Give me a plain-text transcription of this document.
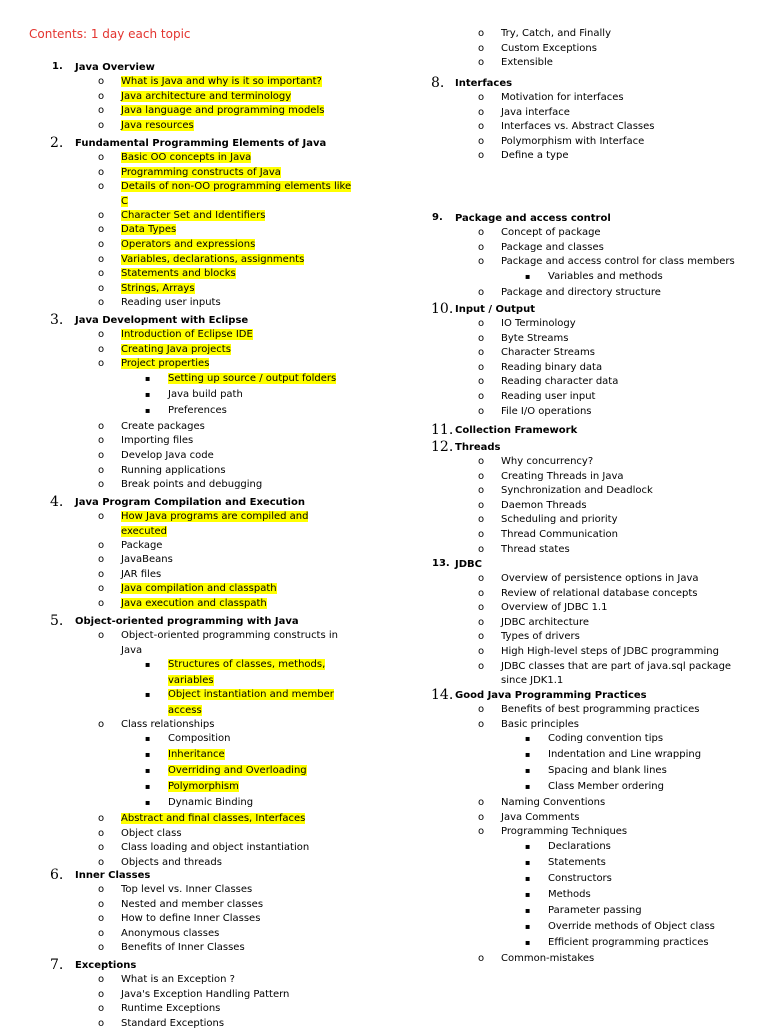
Contents: 1 day each topic
1. Java Overview
o What is Java and why is it so important?
o Java architecture and terminology
o Java language and programming models
o Java resources
2. Fundamental Programming Elements of Java
o Basic OO concepts in Java
o Programming constructs of Java
o Details of non-OO programming elements like
C
o Character Set and Identifiers
o Data Types
o Operators and expressions
o Variables, declarations, assignments
o Statements and blocks
o Strings, Arrays
o Reading user inputs
3. Java Development with Eclipse
o Introduction of Eclipse IDE
o Creating Java projects
o Project properties
▪ Setting up source / output folders
▪ Java build path
▪ Preferences
o Create packages
o Importing files
o Develop Java code
o Running applications
o Break points and debugging
4. Java Program Compilation and Execution
o How Java programs are compiled and
executed
o Package
o JavaBeans
o JAR files
o Java compilation and classpath
o Java execution and classpath
5. Object-oriented programming with Java
o Object-oriented programming constructs in
Java
▪ Structures of classes, methods,
variables
▪ Object instantiation and member
access
o Class relationships
▪ Composition
▪ Inheritance
▪ Overriding and Overloading
▪ Polymorphism
▪ Dynamic Binding
o Abstract and final classes, Interfaces
o Object class
o Class loading and object instantiation
o Objects and threads
6. Inner Classes
o Top level vs. Inner Classes
o Nested and member classes
o How to define Inner Classes
o Anonymous classes
o Benefits of Inner Classes
7. Exceptions
o What is an Exception ?
o Java's Exception Handling Pattern
o Runtime Exceptions
o Standard Exceptions
o Try, Catch, and Finally
o Custom Exceptions
o Extensible
8. Interfaces
o Motivation for interfaces
o Java interface
o Interfaces vs. Abstract Classes
o Polymorphism with Interface
o Define a type
9. Package and access control
o Concept of package
o Package and classes
o Package and access control for class members
▪ Variables and methods
o Package and directory structure
10. Input / Output
o IO Terminology
o Byte Streams
o Character Streams
o Reading binary data
o Reading character data
o Reading user input
o File I/O operations
11. Collection Framework
12. Threads
o Why concurrency?
o Creating Threads in Java
o Synchronization and Deadlock
o Daemon Threads
o Scheduling and priority
o Thread Communication
o Thread states
13. JDBC
o Overview of persistence options in Java
o Review of relational database concepts
o Overview of JDBC 1.1
o JDBC architecture
o Types of drivers
o High High-level steps of JDBC programming
o JDBC classes that are part of java.sql package
since JDK1.1
14. Good Java Programming Practices
o Benefits of best programming practices
o Basic principles
▪ Coding convention tips
▪ Indentation and Line wrapping
▪ Spacing and blank lines
▪ Class Member ordering
o Naming Conventions
o Java Comments
o Programming Techniques
▪ Declarations
▪ Statements
▪ Constructors
▪ Methods
▪ Parameter passing
▪ Override methods of Object class
▪ Efficient programming practices
o Common-mistakes
